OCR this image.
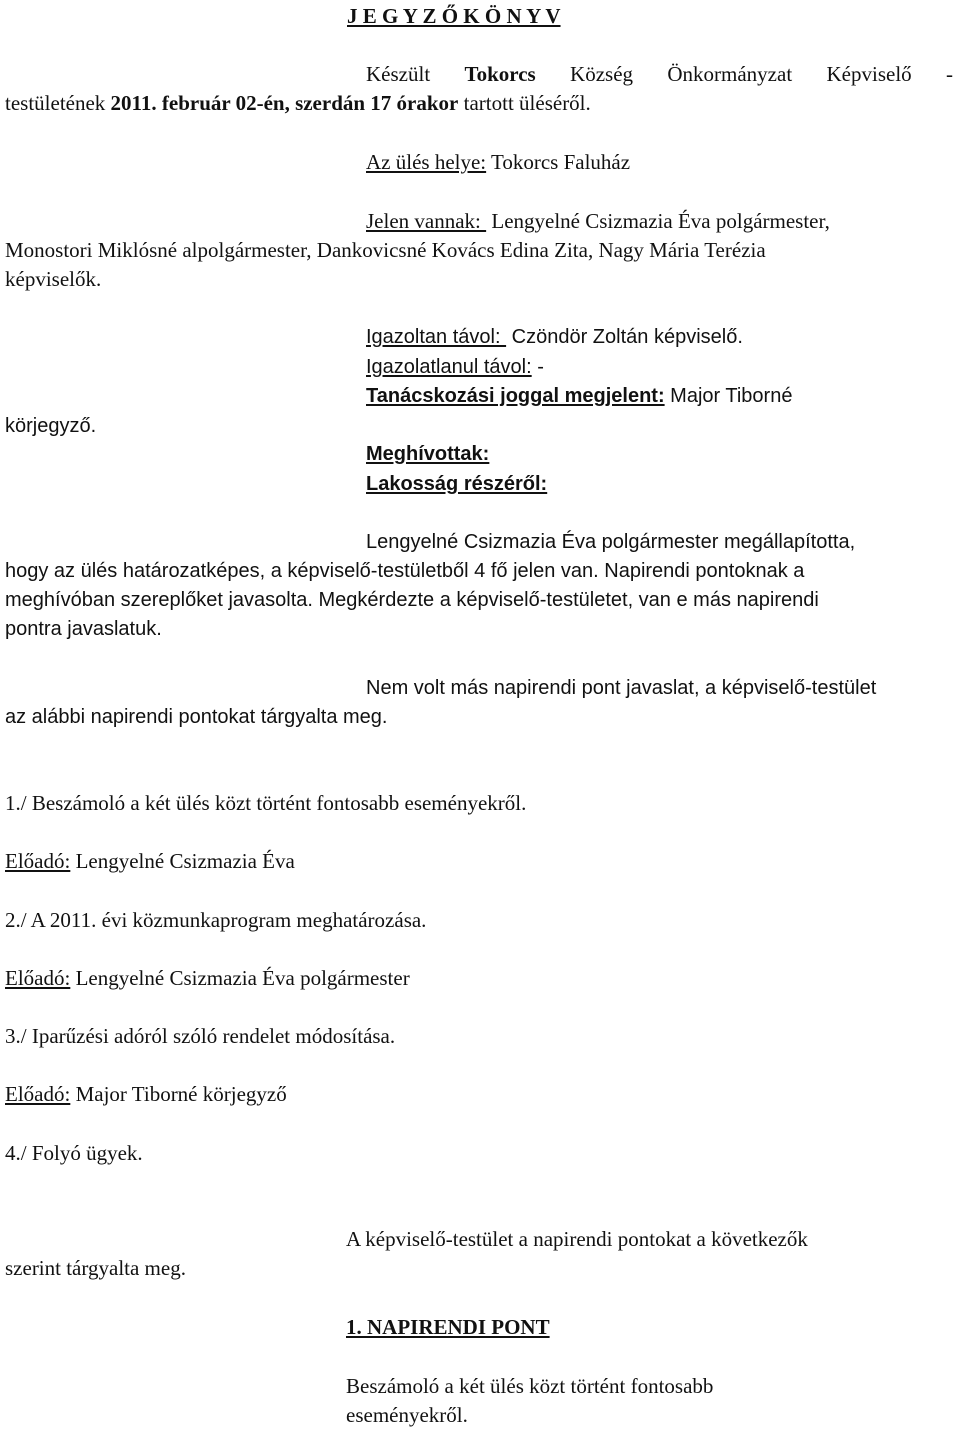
J E G Y Z Ő K Ö N Y V
Készült Tokorcs Község Önkormányzat Képviselő -
testületének 2011. február 02-én, szerdán 17 órakor tartott üléséről.
Az ülés helye: Tokorcs Faluház
Jelen vannak:  Lengyelné Csizmazia Éva polgármester,
Monostori Miklósné alpolgármester, Dankovicsné Kovács Edina Zita, Nagy Mária Terézia
képviselők.
Igazoltan távol:  Czöndör Zoltán képviselő.
Igazolatlanul távol: -
Tanácskozási joggal megjelent: Major Tiborné
körjegyző.
Meghívottak:
Lakosság részéről:
Lengyelné Csizmazia Éva polgármester megállapította,
hogy az ülés határozatképes, a képviselő-testületből 4 fő jelen van. Napirendi pontoknak a
meghívóban szereplőket javasolta. Megkérdezte a képviselő-testületet, van e más napirendi
pontra javaslatuk.
Nem volt más napirendi pont javaslat, a képviselő-testület
az alábbi napirendi pontokat tárgyalta meg.
1./ Beszámoló a két ülés közt történt fontosabb eseményekről.
Előadó: Lengyelné Csizmazia Éva
2./ A 2011. évi közmunkaprogram meghatározása.
Előadó: Lengyelné Csizmazia Éva polgármester
3./ Iparűzési adóról szóló rendelet módosítása.
Előadó: Major Tiborné körjegyző
4./ Folyó ügyek.
A képviselő-testület a napirendi pontokat a következők
szerint tárgyalta meg.
1. NAPIRENDI PONT
Beszámoló a két ülés közt történt fontosabb
eseményekről.
